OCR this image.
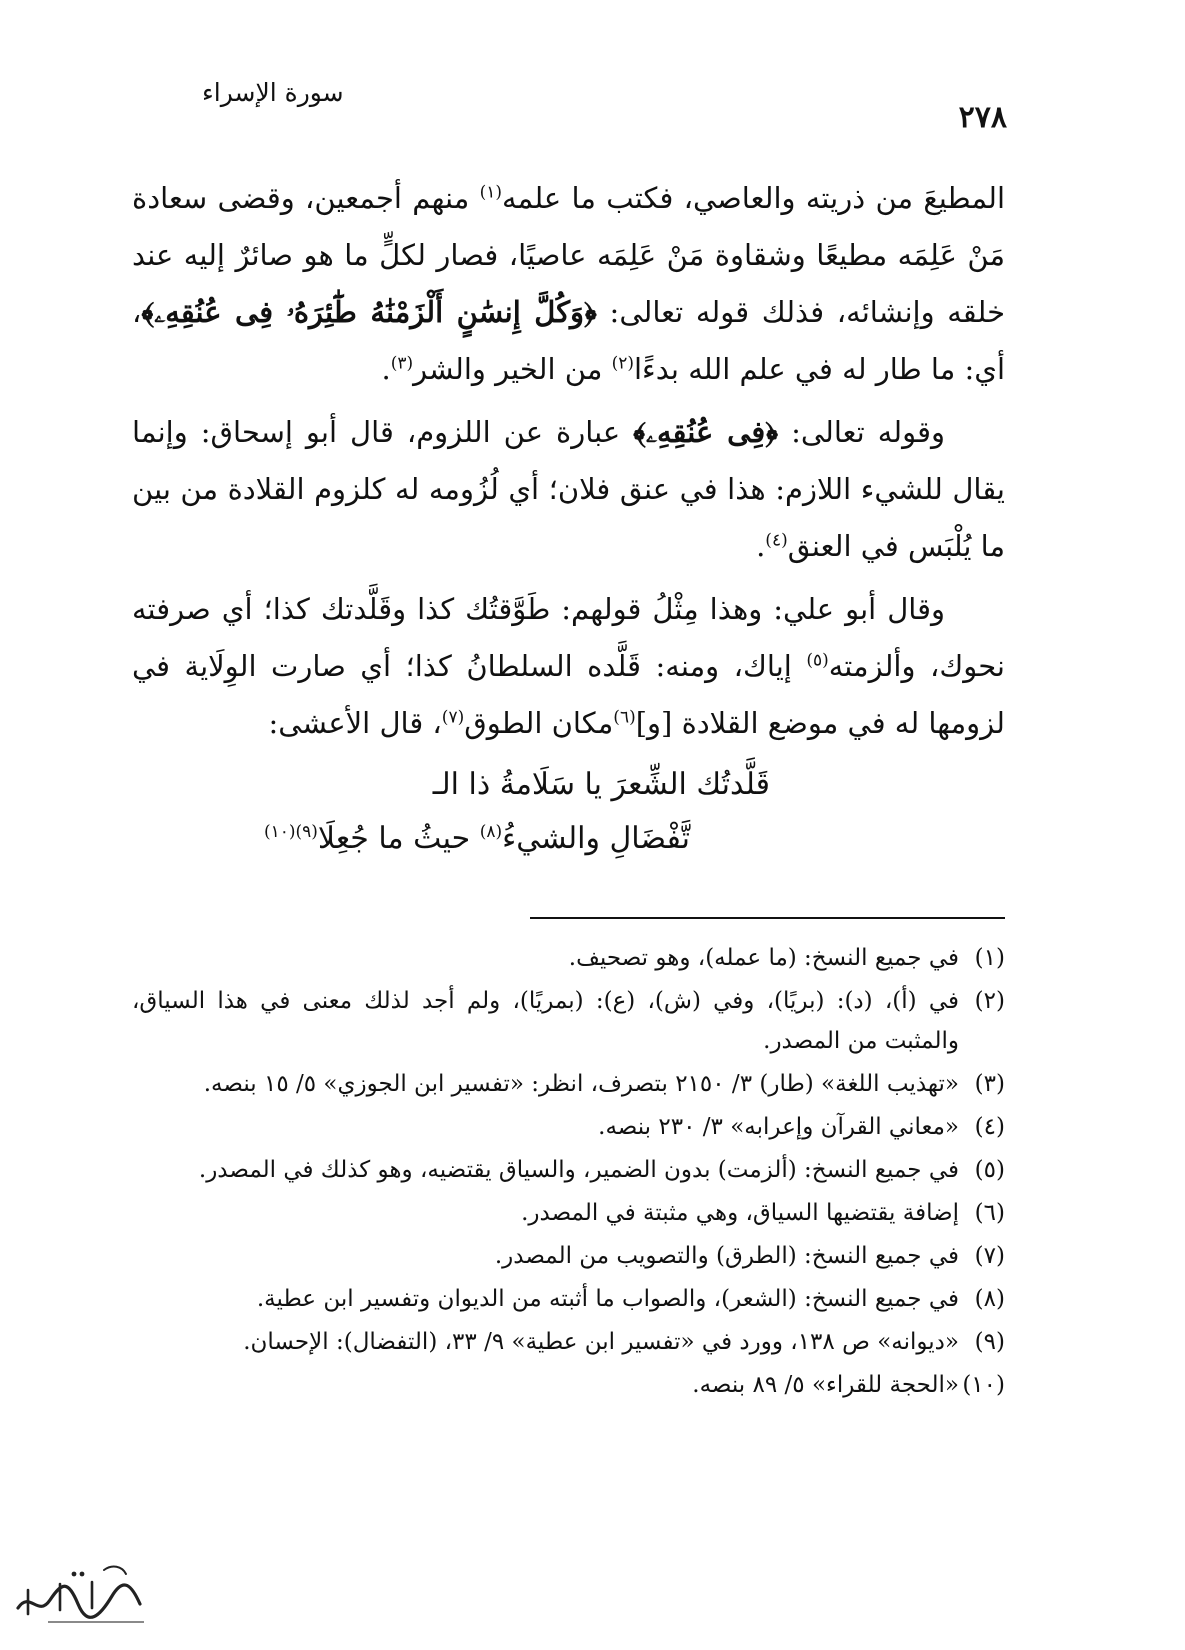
٢٧٨
سورة الإسراء

المطيعَ من ذريته والعاصي، فكتب ما علمه$^{(١)}$ منهم أجمعين، وقضى سعادة مَنْ عَلِمَه مطيعًا وشقاوة مَنْ عَلِمَه عاصيًا، فصار لكلٍّ ما هو صائرٌ إليه عند خلقه وإنشائه، فذلك قوله تعالى: ﴿وَكُلَّ إِنسَٰنٍ أَلْزَمْنَٰهُ طَٰٓئِرَهُۥ فِى عُنُقِهِۦ﴾، أي: ما طار له في علم الله بدءًا$^{(٢)}$ من الخير والشر$^{(٣)}$.

وقوله تعالى: ﴿فِى عُنُقِهِۦ﴾ عبارة عن اللزوم، قال أبو إسحاق: وإنما يقال للشيء اللازم: هذا في عنق فلان؛ أي لُزُومه له كلزوم القلادة من بين ما يُلْبَس في العنق$^{(٤)}$.

وقال أبو علي: وهذا مِثْلُ قولهم: طَوَّقتُك كذا وقَلَّدتك كذا؛ أي صرفته نحوك، وألزمته$^{(٥)}$ إياك، ومنه: قَلَّده السلطانُ كذا؛ أي صارت الوِلَاية في لزومها له في موضع القلادة [و]$^{(٦)}$مكان الطوق$^{(٧)}$، قال الأعشى:

قَلَّدتُك الشِّعرَ يا سَلَامةُ ذا الـ
تَّفْضَالِ والشيءُ$^{(٨)}$ حيثُ ما جُعِلَا$^{(٩)(١٠)}$
(١)
في جميع النسخ: (ما عمله)، وهو تصحيف.
(٢)
في (أ)، (د): (بريًا)، وفي (ش)، (ع): (بمريًا)، ولم أجد لذلك معنى في هذا السياق، والمثبت من المصدر.
(٣)
«تهذيب اللغة» (طار) ٣/ ٢١٥٠ بتصرف، انظر: «تفسير ابن الجوزي» ٥/ ١٥ بنصه.
(٤)
«معاني القرآن وإعرابه» ٣/ ٢٣٠ بنصه.
(٥)
في جميع النسخ: (ألزمت) بدون الضمير، والسياق يقتضيه، وهو كذلك في المصدر.
(٦)
إضافة يقتضيها السياق، وهي مثبتة في المصدر.
(٧)
في جميع النسخ: (الطرق) والتصويب من المصدر.
(٨)
في جميع النسخ: (الشعر)، والصواب ما أثبته من الديوان وتفسير ابن عطية.
(٩)
«ديوانه» ص ١٣٨، وورد في «تفسير ابن عطية» ٩/ ٣٣، (التفضال): الإحسان.
(١٠)
«الحجة للقراء» ٥/ ٨٩ بنصه.
